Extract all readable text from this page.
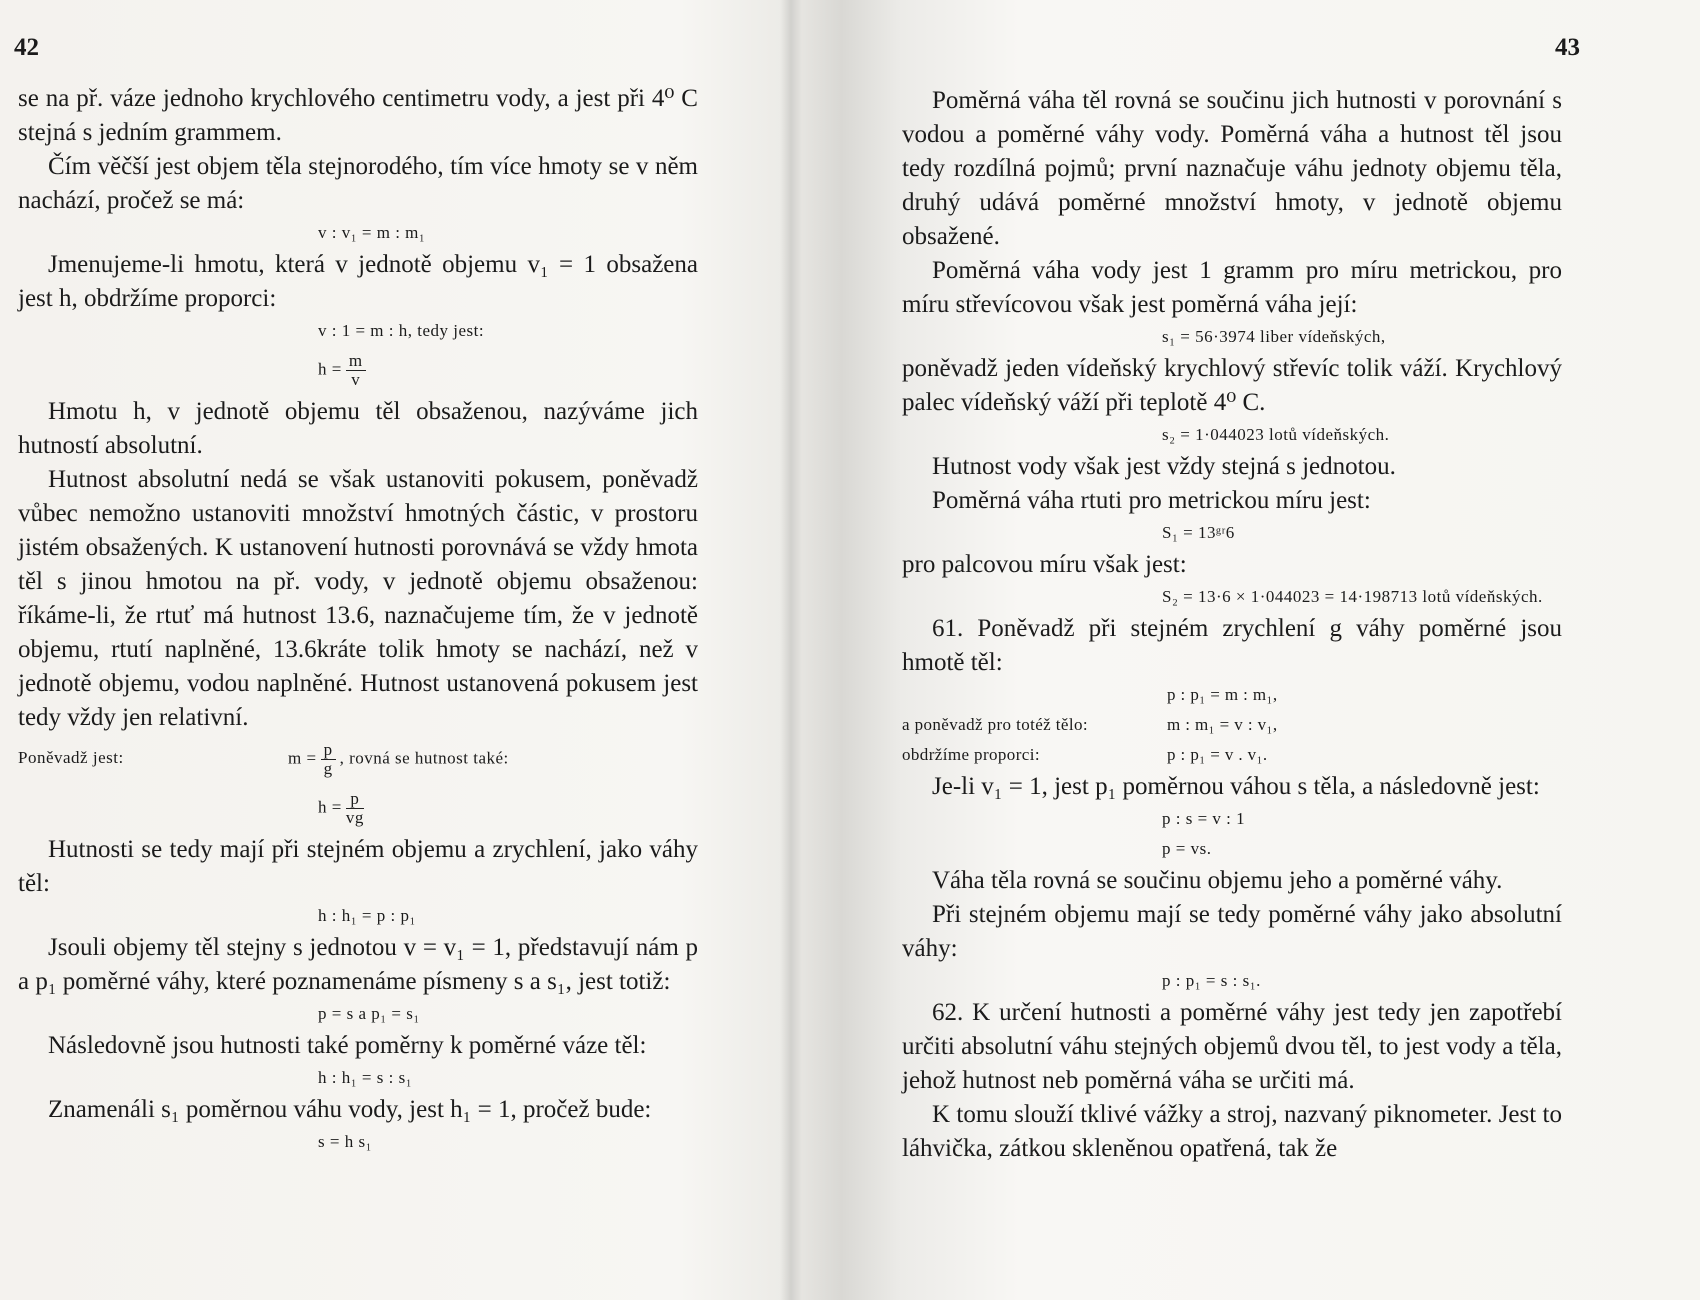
42

se na př. váze jednoho krychlového centimetru vody, a jest při 4⁰ C stejná s jedním grammem.

Čím věčší jest objem těla stejnorodého, tím více hmoty se v něm nachází, pročež se má:

v : v₁ = m : m₁

Jmenujeme-li hmotu, která v jednotě objemu v₁ = 1 obsažena jest h, obdržíme proporci:

v : 1 = m : h, tedy jest:
$h = \frac{m}{v}$

Hmotu h, v jednotě objemu těl obsaženou, nazýváme jich hutností absolutní.

Hutnost absolutní nedá se však ustanoviti pokusem, poněvadž vůbec nemožno ustanoviti množství hmotných částic, v prostoru jistém obsažených. K ustanovení hutnosti porovnává se vždy hmota těl s jinou hmotou na př. vody, v jednotě objemu obsaženou: říkáme-li, že rtuť má hutnost 13.6, naznačujeme tím, že v jednotě objemu, rtutí naplněné, 13.6kráte tolik hmoty se nachází, než v jednotě objemu, vodou naplněné. Hutnost ustanovená pokusem jest tedy vždy jen relativní.

Poněvadž jest:	$m = \frac{p}{g}$ , rovná se hutnost také:
$h = \frac{p}{vg}$

Hutnosti se tedy mají při stejném objemu a zrychlení, jako váhy těl:

h : h₁ = p : p₁

Jsouli objemy těl stejny s jednotou v = v₁ = 1, představují nám p a p₁ poměrné váhy, které poznamenáme písmeny s a s₁, jest totiž:

p = s a p₁ = s₁

Následovně jsou hutnosti také poměrny k poměrné váze těl:

h : h₁ = s : s₁

Znamenáli s₁ poměrnou váhu vody, jest h₁ = 1, pročež bude:

s = h s₁
43

Poměrná váha těl rovná se součinu jich hutnosti v porovnání s vodou a poměrné váhy vody. Poměrná váha a hutnost těl jsou tedy rozdílná pojmů; první naznačuje váhu jednoty objemu těla, druhý udává poměrné množství hmoty, v jednotě objemu obsažené.

Poměrná váha vody jest 1 gramm pro míru metrickou, pro míru střevícovou však jest poměrná váha její:

s₁ = 56·3974 liber vídeňských,

poněvadž jeden vídeňský krychlový střevíc tolik váží. Krychlový palec vídeňský váží při teplotě 4⁰ C.

s₂ = 1·044023 lotů vídeňských.

Hutnost vody však jest vždy stejná s jednotou.

Poměrná váha rtuti pro metrickou míru jest:

S₁ = 13ᵍʳ6

pro palcovou míru však jest:

S₂ = 13·6 × 1·044023 = 14·198713 lotů vídeňských.

61. Poněvadž při stejném zrychlení g váhy poměrné jsou hmotě těl:

p : p₁ = m : m₁,
a poněvadž pro totéž tělo:	m : m₁ = v : v₁,
obdržíme proporci:	p : p₁ = v . v₁.

Je-li v₁ = 1, jest p₁ poměrnou váhou s těla, a následovně jest:

p : s = v : 1
p = vs.

Váha těla rovná se součinu objemu jeho a poměrné váhy.

Při stejném objemu mají se tedy poměrné váhy jako absolutní váhy:

p : p₁ = s : s₁.

62. K určení hutnosti a poměrné váhy jest tedy jen zapotřebí určiti absolutní váhu stejných objemů dvou těl, to jest vody a těla, jehož hutnost neb poměrná váha se určiti má.

K tomu slouží tklivé vážky a stroj, nazvaný piknometer. Jest to láhvička, zátkou skleněnou opatřená, tak že
